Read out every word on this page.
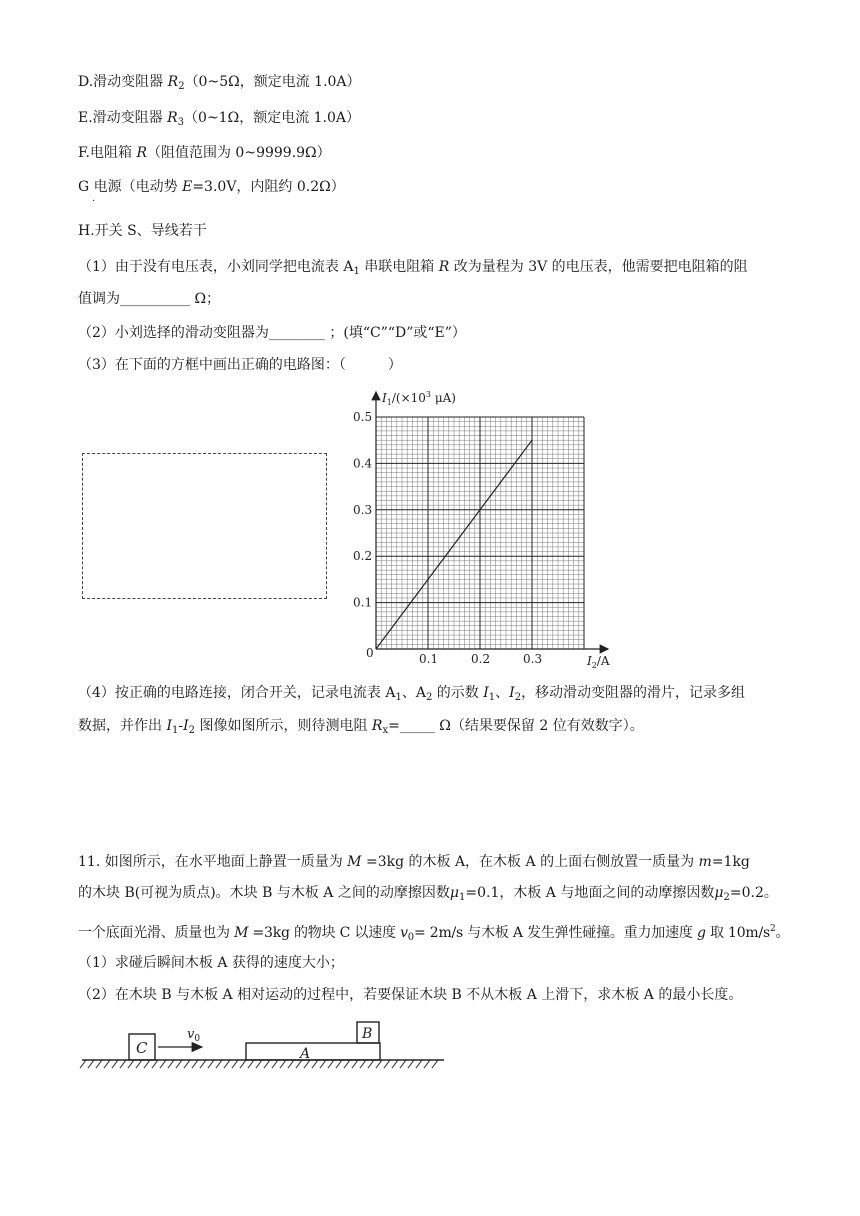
D.滑动变阻器 $R_2(0\sim 5\Omega$，额定电流 1.0A）
E.滑动变阻器 $R_3(0\sim 1\Omega$，额定电流 1.0A）
F.电阻箱 R（阻值范围为 0~9999.9Ω）
G 电源（电动势 E=3.0V，内阻约 0.2Ω）
·
H.开关 S、导线若干
（1）由于没有电压表，小刘同学把电流表 $A_1$ 串联电阻箱 R 改为量程为 3V 的电压表，他需要把电阻箱的阻
值调为__________ Ω；
（2）小刘选择的滑动变阻器为________ ；(填“C”“D”或“E”）
（3）在下面的方框中画出正确的电路图：（　　　）
0.1	0.2	0.3
0.1
0.2
0.3
0.4
0.5
$I_1/(\times 10^3$ μA)
$I_2/A$
0
（4）按正确的电路连接，闭合开关，记录电流表 $A_1$、$A_2$ 的示数 $I_1$、$I_2$，移动滑动变阻器的滑片，记录多组
数据，并作出 $I_1-I_2$ 图像如图所示，则待测电阻 $R_x=\_\_\_\_\_$ Ω（结果要保留 2 位有效数字）。
11. 如图所示，在水平地面上静置一质量为 M =3kg 的木板 A，在木板 A 的上面右侧放置一质量为 m=1kg
的木块 B(可视为质点)。木块 B 与木板 A 之间的动摩擦因数$\mu_1=0.1$，木板 A 与地面之间的动摩擦因数$\mu_2=0.2$。
一个底面光滑、质量也为 M =3kg 的物块 C 以速度 $v_0= 2m/s$ 与木板 A 发生弹性碰撞。重力加速度 g 取 $10m/s^2$。
（1）求碰后瞬间木板 A 获得的速度大小；
（2）在木块 B 与木板 A 相对运动的过程中，若要保证木块 B 不从木板 A 上滑下，求木板 A 的最小长度。
C
$v_0$
A
B
